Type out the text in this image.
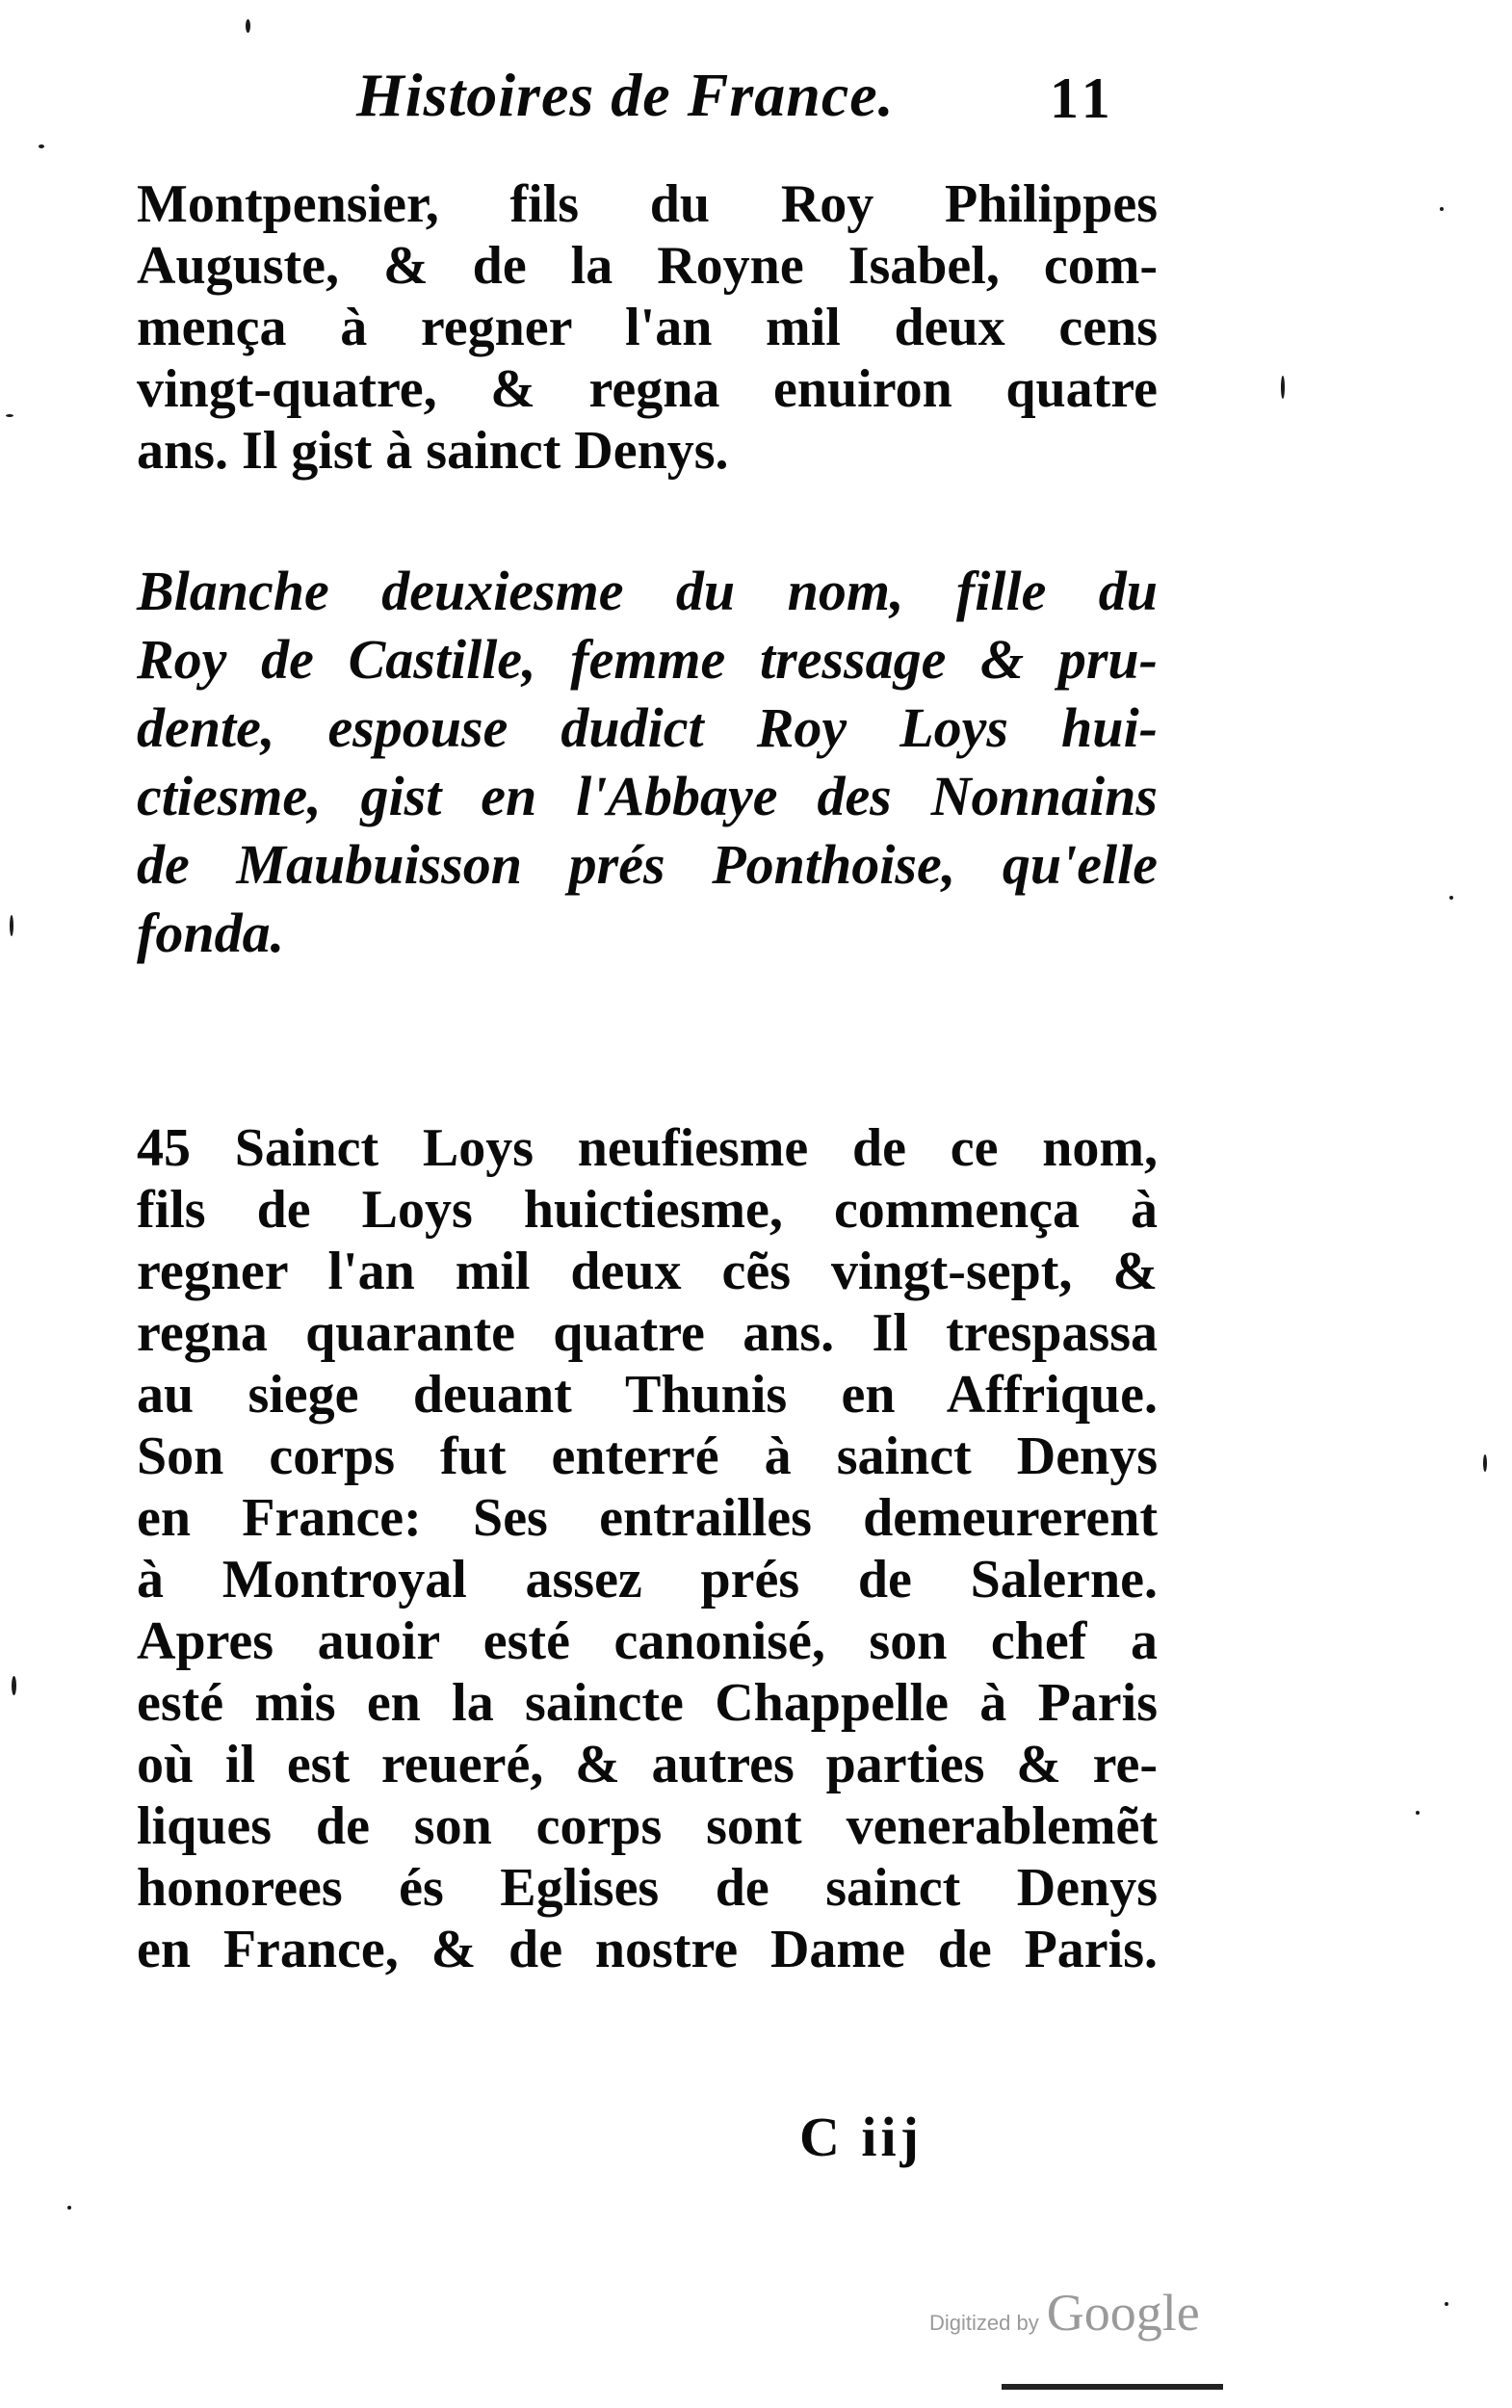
Histoires de France.	11
Montpensier, fils du Roy Philippes
Auguste, & de la Royne Isabel, com-
mença à regner l'an mil deux cens
vingt-quatre, & regna enuiron quatre
ans. Il gist à sainct Denys.
Blanche deuxiesme du nom, fille du
Roy de Castille, femme tressage & pru-
dente, espouse dudict Roy Loys hui-
ctiesme, gist en l'Abbaye des Nonnains
de Maubuisson prés Ponthoise, qu'elle
fonda.
45 Sainct Loys neufiesme de ce nom,
fils de Loys huictiesme, commença à
regner l'an mil deux cẽs vingt-sept, &
regna quarante quatre ans. Il trespassa
au siege deuant Thunis en Affrique.
Son corps fut enterré à sainct Denys
en France: Ses entrailles demeurerent
à Montroyal assez prés de Salerne.
Apres auoir esté canonisé, son chef a
esté mis en la saincte Chappelle à Paris
où il est reueré, & autres parties & re-
liques de son corps sont venerablemẽt
honorees és Eglises de sainct Denys
en France, & de nostre Dame de Paris.
C iij
Digitized by Google
